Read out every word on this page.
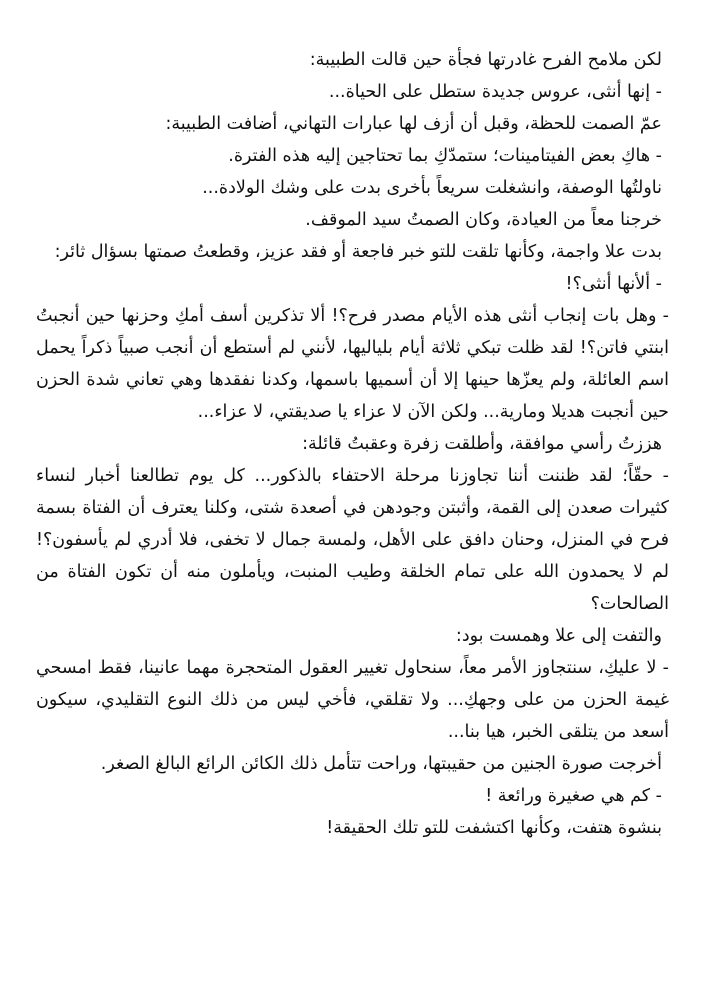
لكن ملامح الفرح غادرتها فجأة حين قالت الطبيبة:

- إنها أنثى، عروس جديدة ستطل على الحياة...

عمّ الصمت للحظة، وقبل أن أزف لها عبارات التهاني، أضافت الطبيبة:

- هاكِ بعض الفيتامينات؛ ستمدّكِ بما تحتاجين إليه هذه الفترة.

ناولتُها الوصفة، وانشغلت سريعاً بأخرى بدت على وشك الولادة...

خرجنا معاً من العيادة، وكان الصمتُ سيد الموقف.

بدت علا واجمة، وكأنها تلقت للتو خبر فاجعة أو فقد عزيز، وقطعتُ صمتها بسؤال ثائر:

- ألأنها أنثى؟!

- وهل بات إنجاب أنثى هذه الأيام مصدر فرح؟! ألا تذكرين أسف أمكِ وحزنها حين أنجبتُ ابنتي فاتن؟! لقد ظلت تبكي ثلاثة أيام بلياليها، لأنني لم أستطع أن أنجب صبياً ذكراً يحمل اسم العائلة، ولم يعزّها حينها إلا أن أسميها باسمها، وكدنا نفقدها وهي تعاني شدة الحزن حين أنجبت هديلا ومارية... ولكن الآن لا عزاء يا صديقتي، لا عزاء...

هززتُ رأسي موافقة، وأطلقت زفرة وعقبتُ قائلة:

- حقّاً؛ لقد ظننت أننا تجاوزنا مرحلة الاحتفاء بالذكور... كل يوم تطالعنا أخبار لنساء كثيرات صعدن إلى القمة، وأثبتن وجودهن في أصعدة شتى، وكلنا يعترف أن الفتاة بسمة فرح في المنزل، وحنان دافق على الأهل، ولمسة جمال لا تخفى، فلا أدري لم يأسفون؟! لم لا يحمدون الله على تمام الخلقة وطيب المنبت، ويأملون منه أن تكون الفتاة من الصالحات؟

والتفت إلى علا وهمست بود:

- لا عليكِ، سنتجاوز الأمر معاً، سنحاول تغيير العقول المتحجرة مهما عانينا، فقط امسحي غيمة الحزن من على وجهكِ... ولا تقلقي، فأخي ليس من ذلك النوع التقليدي، سيكون أسعد من يتلقى الخبر، هيا بنا...

أخرجت صورة الجنين من حقيبتها، وراحت تتأمل ذلك الكائن الرائع البالغ الصغر.

- كم هي صغيرة ورائعة !

بنشوة هتفت، وكأنها اكتشفت للتو تلك الحقيقة!
